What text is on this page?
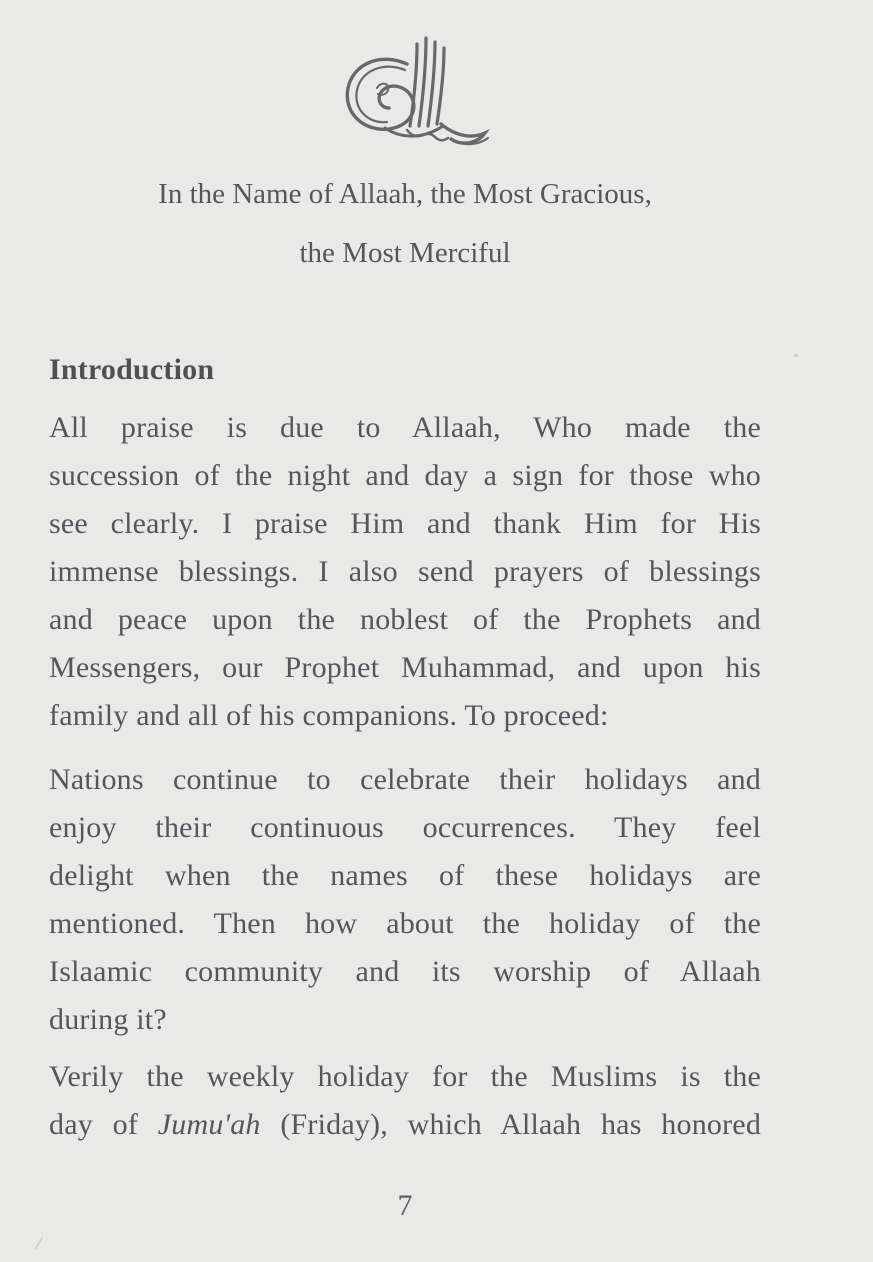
In the Name of Allaah, the Most Gracious,
the Most Merciful
Introduction
All praise is due to Allaah, Who made the
succession of the night and day a sign for those who
see clearly. I praise Him and thank Him for His
immense blessings. I also send prayers of blessings
and peace upon the noblest of the Prophets and
Messengers, our Prophet Muhammad, and upon his
family and all of his companions. To proceed:
Nations continue to celebrate their holidays and
enjoy their continuous occurrences. They feel
delight when the names of these holidays are
mentioned. Then how about the holiday of the
Islaamic community and its worship of Allaah
during it?
Verily the weekly holiday for the Muslims is the
day of Jumu'ah (Friday), which Allaah has honored
7
